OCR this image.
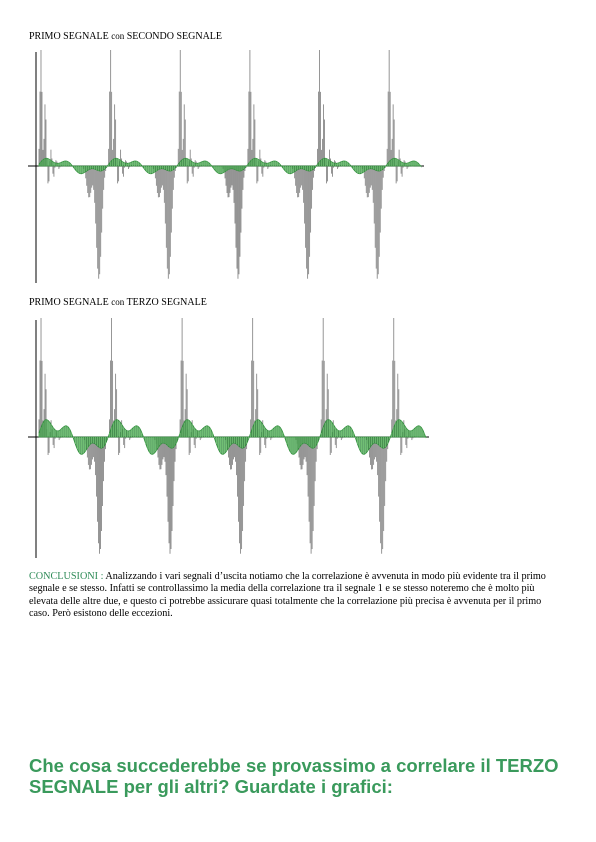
PRIMO SEGNALE con SECONDO SEGNALE

PRIMO SEGNALE con TERZO SEGNALE

CONCLUSIONI : Analizzando i vari segnali d’uscita notiamo che la correlazione è avvenuta in modo più evidente tra il primo segnale e se stesso. Infatti se controllassimo la media della correlazione tra il segnale 1 e se stesso noteremo che è molto più elevata delle altre due, e questo ci potrebbe assicurare quasi totalmente che la correlazione più precisa è avvenuta per il primo caso. Però esistono delle eccezioni.

Che cosa succederebbe se provassimo a correlare il TERZO SEGNALE per gli altri? Guardate i grafici:
